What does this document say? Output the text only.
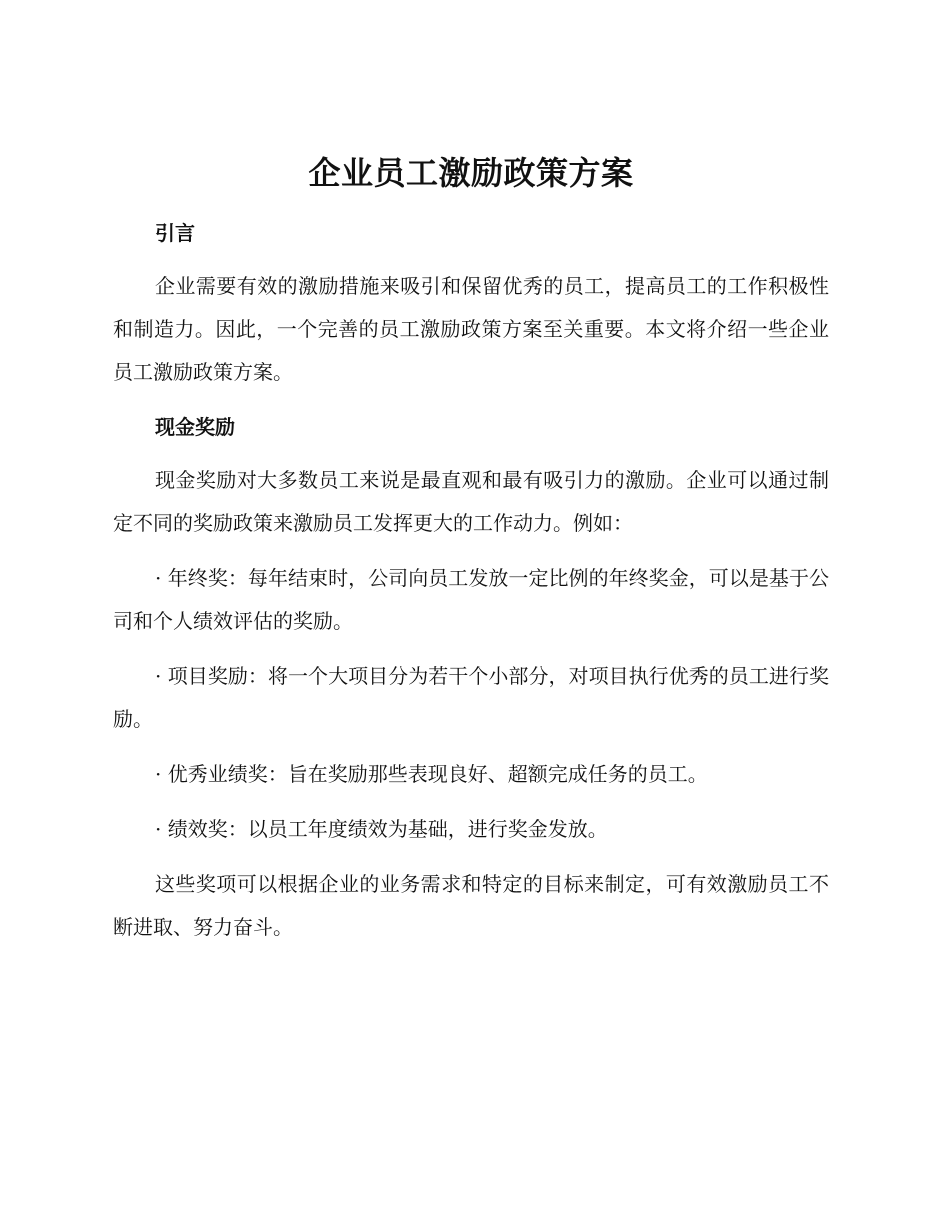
企业员工激励政策方案
引言

企业需要有效的激励措施来吸引和保留优秀的员工，提高员工的工作积极性和制造力。因此，一个完善的员工激励政策方案至关重要。本文将介绍一些企业员工激励政策方案。

现金奖励

现金奖励对大多数员工来说是最直观和最有吸引力的激励。企业可以通过制定不同的奖励政策来激励员工发挥更大的工作动力。例如：

· 年终奖：每年结束时，公司向员工发放一定比例的年终奖金，可以是基于公司和个人绩效评估的奖励。

· 项目奖励：将一个大项目分为若干个小部分，对项目执行优秀的员工进行奖励。

· 优秀业绩奖：旨在奖励那些表现良好、超额完成任务的员工。

· 绩效奖：以员工年度绩效为基础，进行奖金发放。

这些奖项可以根据企业的业务需求和特定的目标来制定，可有效激励员工不断进取、努力奋斗。
